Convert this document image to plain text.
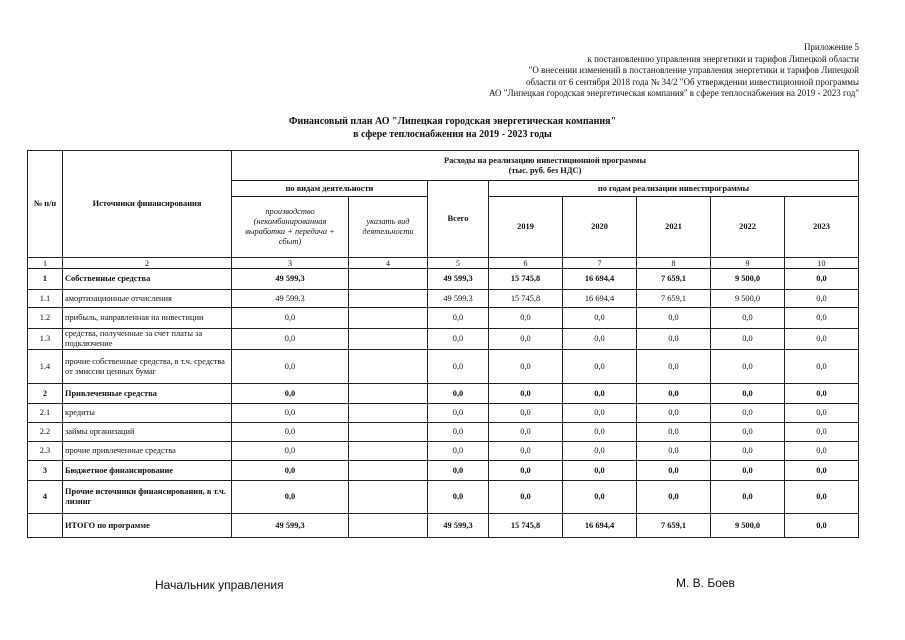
Приложение 5
к постановлению управления энергетики и тарифов Липецкой области
"О внесении изменений в постановление управления энергетики и тарифов Липецкой
области от 6 сентября 2018 года № 34/2 "Об утверждении инвестиционной программы
АО "Липецкая городская энергетическая компания" в сфере теплоснабжения на 2019 - 2023 год"
Финансовый план АО "Липецкая городская энергетическая компания"
в сфере теплоснабжения на 2019 - 2023 годы
№ п/п	Источники финансирования	Расходы на реализацию инвестиционной программы
(тыс. руб. без НДС)							

		по видам деятельности		Всего	по годам реализации инвестпрограммы				
		производство (некомбинированная выработка + передача + сбыт)	указать вид деятельности		2019	2020	2021	2022	2023
1	2	3	4	5	6	7	8	9	10
1	Собственные средства	49 599,3		49 599,3	15 745,8	16 694,4	7 659,1	9 500,0	0,0
1.1	амортизационные отчисления	49 599,3		49 599,3	15 745,8	16 694,4	7 659,1	9 500,0	0,0
1.2	прибыль, направленная на инвестиции	0,0		0,0	0,0	0,0	0,0	0,0	0,0
1.3	средства, полученные за счет платы за подключение	0,0		0,0	0,0	0,0	0,0	0,0	0,0
1.4	прочие собственные средства, в т.ч. средства от эмиссии ценных бумаг	0,0		0,0	0,0	0,0	0,0	0,0	0,0
2	Привлеченные средства	0,0		0,0	0,0	0,0	0,0	0,0	0,0
2.1	кредиты	0,0		0,0	0,0	0,0	0,0	0,0	0,0
2.2	займы организаций	0,0		0,0	0,0	0,0	0,0	0,0	0,0
2.3	прочие привлеченные средства	0,0		0,0	0,0	0,0	0,0	0,0	0,0
3	Бюджетное финансирование	0,0		0,0	0,0	0,0	0,0	0,0	0,0
4	Прочие источники финансирования, в т.ч. лизинг	0,0		0,0	0,0	0,0	0,0	0,0	0,0
	ИТОГО по программе	49 599,3		49 599,3	15 745,8	16 694,4	7 659,1	9 500,0	0,0
Начальник управления	М. В. Боев
